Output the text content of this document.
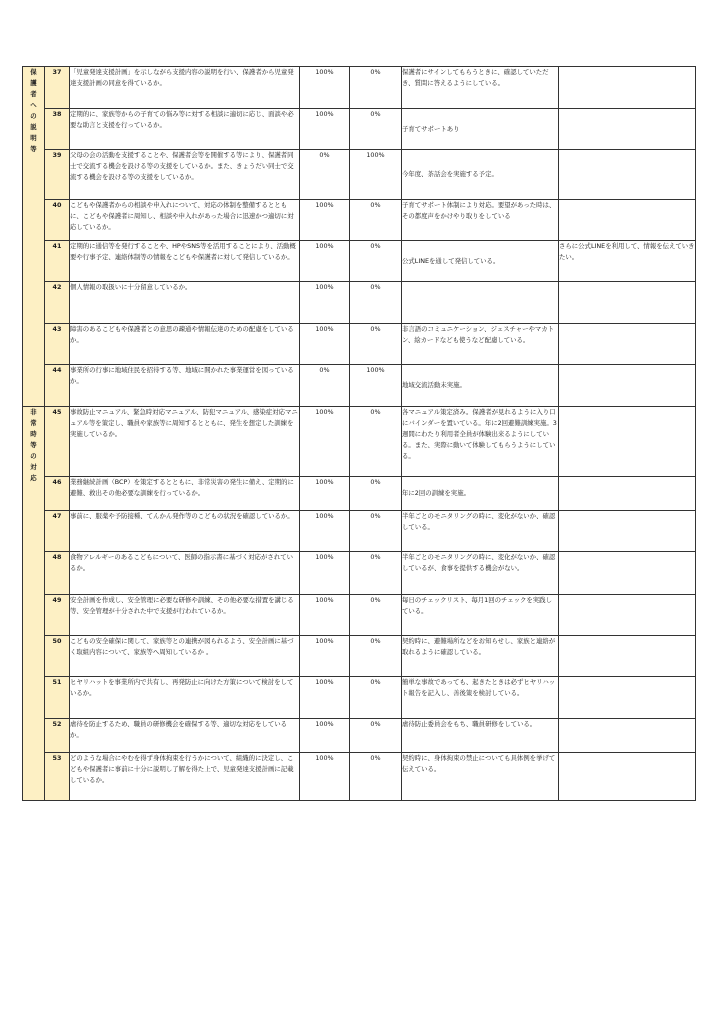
保護者への説明等	37	「児童発達支援計画」を示しながら支援内容の説明を行い、保護者から児童発達支援計画の同意を得ているか。	100%	0%	保護者にサインしてもらうときに、確認していただき、質問に答えるようにしている。	
	38	定期的に、家族等からの子育ての悩み等に対する相談に適切に応じ、面談や必要な助言と支援を行っているか。	100%	0%	子育てサポートあり	
	39	父母の会の活動を支援することや、保護者会等を開催する等により、保護者同士で交流する機会を設ける等の支援をしているか。また、きょうだい同士で交流する機会を設ける等の支援をしているか。	0%	100%	今年度、茶話会を実施する予定。	
	40	こどもや保護者からの相談や申入れについて、対応の体制を整備するとともに、こどもや保護者に周知し、相談や申入れがあった場合に迅速かつ適切に対応しているか。	100%	0%	子育てサポート体制により対応。要望があった時は、その都度声をかけやり取りをしている	
	41	定期的に通信等を発行することや、HPやSNS等を活用することにより、活動概要や行事予定、連絡体制等の情報をこどもや保護者に対して発信しているか。	100%	0%	公式LINEを通して発信している。	さらに公式LINEを利用して、情報を伝えていきたい。
	42	個人情報の取扱いに十分留意しているか。	100%	0%		
	43	障害のあるこどもや保護者との意思の疎通や情報伝達のための配慮をしているか。	100%	0%	非言語のコミュニケーション、ジェスチャーやマカトン、絵カードなども使うなど配慮している。	
	44	事業所の行事に地域住民を招待する等、地域に開かれた事業運営を図っているか。	0%	100%	地域交流活動未実施。	
非常時等の対応	45	事故防止マニュアル、緊急時対応マニュアル、防犯マニュアル、感染症対応マニュアル等を策定し、職員や家族等に周知するとともに、発生を想定した訓練を実施しているか。	100%	0%	各マニュアル策定済み。保護者が見れるように入り口にバインダーを置いている。年に2回避難訓練実施。3週間にわたり利用者全員が体験出来るようにしている。また、実際に動いて体験してもらうようにしている。	
	46	業務継続計画（BCP）を策定するとともに、非常災害の発生に備え、定期的に避難、救出その他必要な訓練を行っているか。	100%	0%	年に2回の訓練を実施。	
	47	事前に、服薬や予防接種、てんかん発作等のこどもの状況を確認しているか。	100%	0%	半年ごとのモニタリングの時に、変化がないか、確認している。	
	48	食物アレルギーのあるこどもについて、医師の指示書に基づく対応がされているか。	100%	0%	半年ごとのモニタリングの時に、変化がないか、確認しているが、食事を提供する機会がない。	
	49	安全計画を作成し、安全管理に必要な研修や訓練、その他必要な措置を講じる等、安全管理が十分された中で支援が行われているか。	100%	0%	毎日のチェックリスト、毎月1回のチェックを実践している。	
	50	こどもの安全確保に関して、家族等との連携が図られるよう、安全計画に基づく取組内容について、家族等へ周知しているか 。	100%	0%	契約時に、避難場所などをお知らせし、家族と連絡が取れるように確認している。	
	51	ヒヤリハットを事業所内で共有し、再発防止に向けた方策について検討をしているか。	100%	0%	簡単な事故であっても、起きたときは必ずヒヤリハット報告を記入し、善後策を検討している。	
	52	虐待を防止するため、職員の研修機会を確保する等、適切な対応をしているか。	100%	0%	虐待防止委員会をもち、職員研修をしている。	
	53	どのような場合にやむを得ず身体拘束を行うかについて、組織的に決定し、こどもや保護者に事前に十分に説明し了解を得た上で、児童発達支援計画に記載しているか。	100%	0%	契約時に、身体拘束の禁止についても具体例を挙げて伝えている。	
